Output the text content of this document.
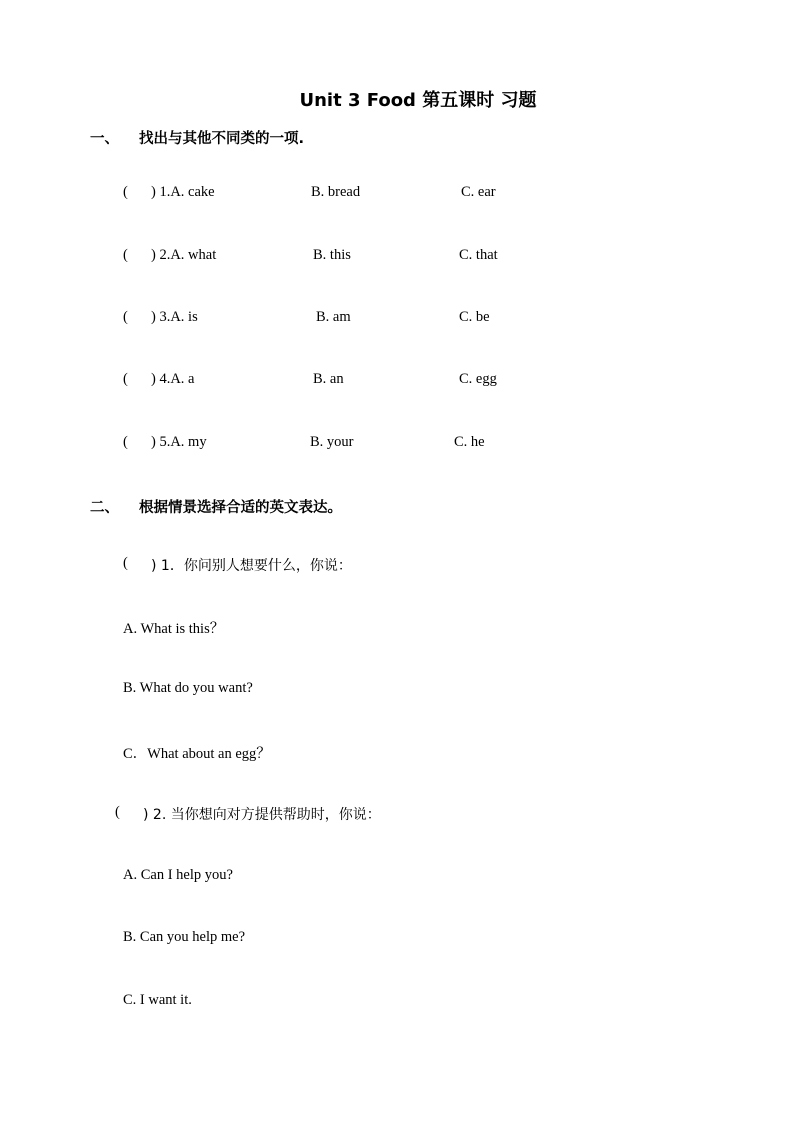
Unit 3 Food 第五课时 习题
一、 找出与其他不同类的一项.
( ) 1.A. cake	B. bread	C. ear
( ) 2.A. what	B. this	C. that
( ) 3.A. is	B. am	C. be
( ) 4.A. a	B. an	C. egg
( ) 5.A. my	B. your	C. he
二、 根据情景选择合适的英文表达。
( ) 1．你问别人想要什么，你说：
A. What is this？
B. What do you want?
C．What about an egg？
( ) 2. 当你想向对方提供帮助时，你说：
A. Can I help you?
B. Can you help me?
C. I want it.
